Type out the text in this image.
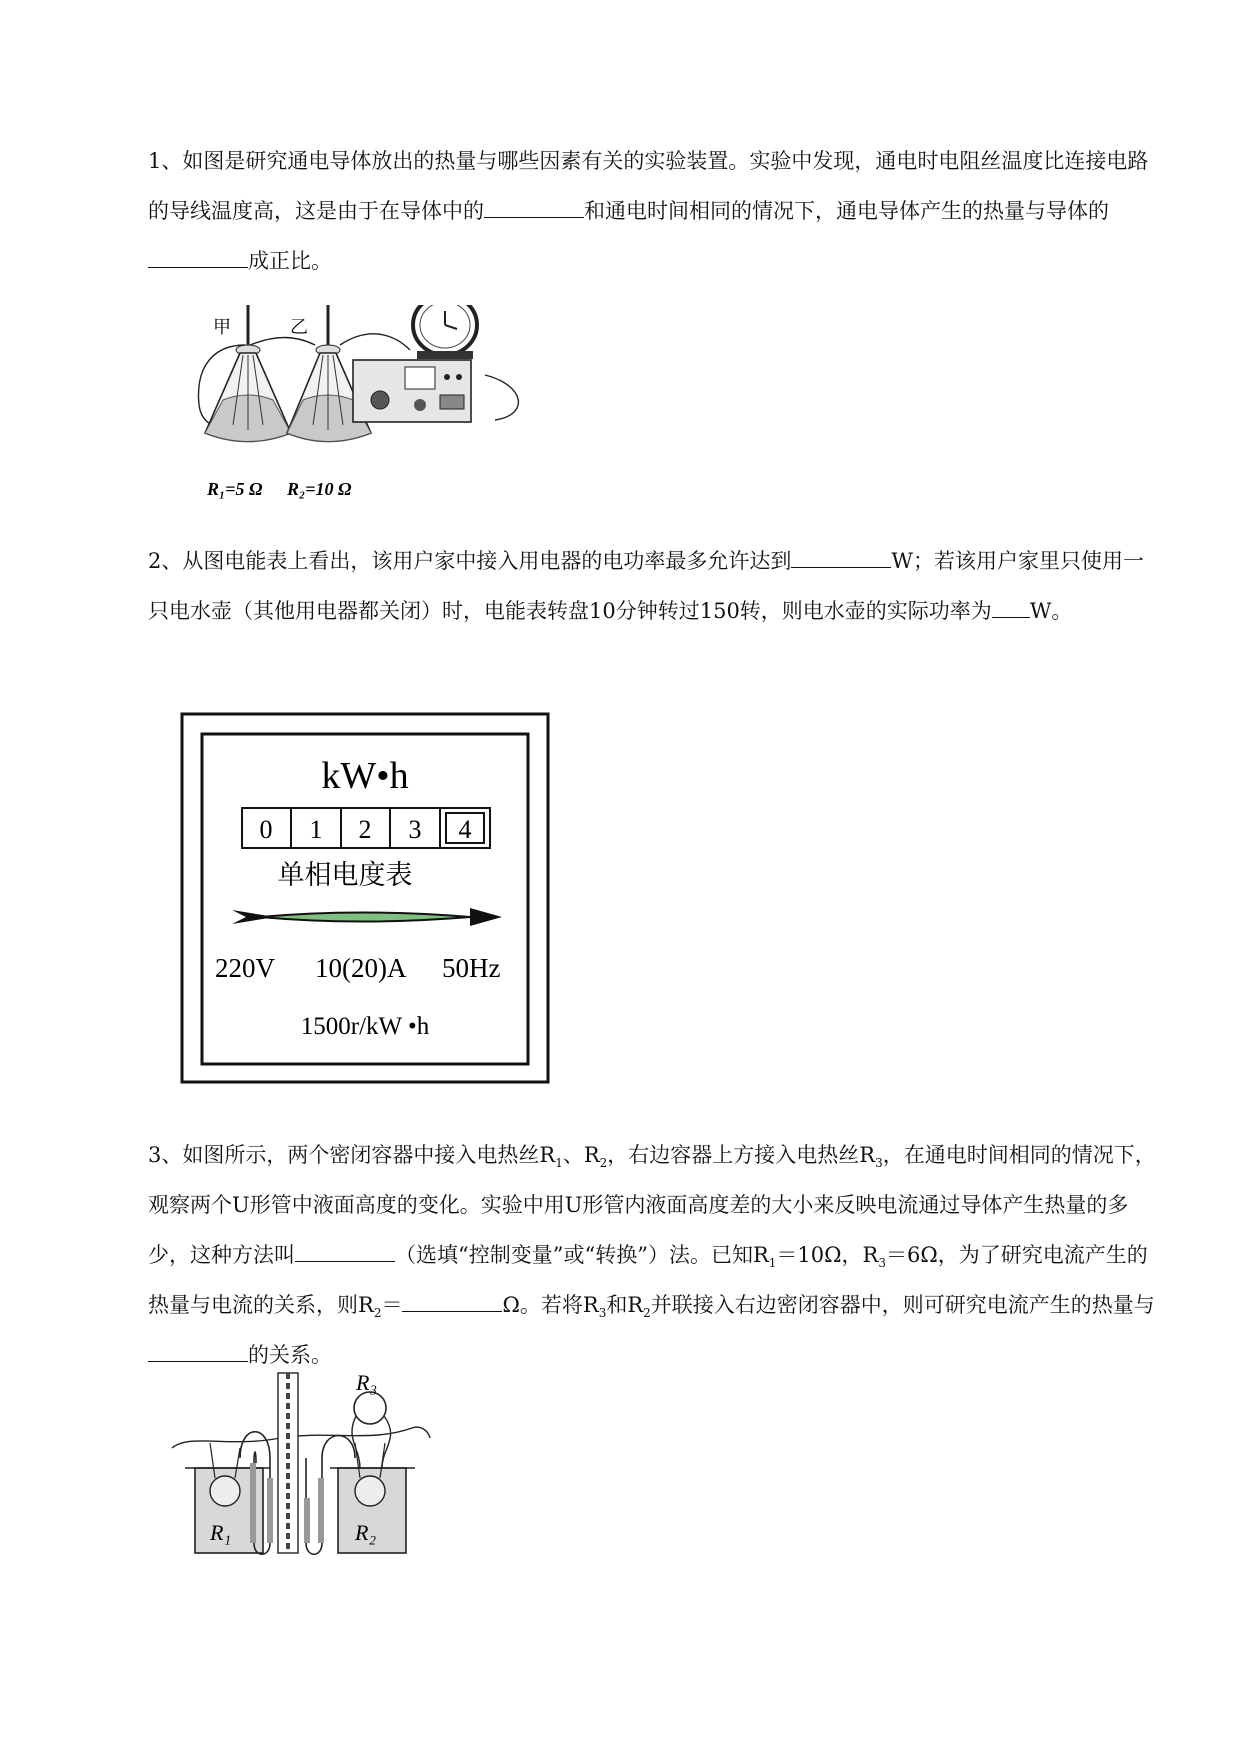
1、如图是研究通电导体放出的热量与哪些因素有关的实验装置。实验中发现，通电时电阻丝温度比连接电路的导线温度高，这是由于在导体中的	和通电时间相同的情况下，通电导体产生的热量与导体的成正比。
甲	乙
R₁=5 Ω R₂=10 Ω
2、从图电能表上看出，该用户家中接入用电器的电功率最多允许达到	W；若该用户家里只使用一只电水壶（其他用电器都关闭）时，电能表转盘10分钟转过150转，则电水壶的实际功率为 W。
kW•h
0 1 2 3 4
单相电度表
220V 10(20)A 50Hz
1500r/kW •h
3、如图所示，两个密闭容器中接入电热丝$R_1$、$R_2$，右边容器上方接入电热丝$R_3$，在通电时间相同的情况下，观察两个U形管中液面高度的变化。实验中用U形管内液面高度差的大小来反映电流通过导体产生热量的多少，这种方法叫	（选填“控制变量”或“转换”）法。已知$R_1=10\Omega$，$R_3=6\Omega$，为了研究电流产生的热量与电流的关系，则$R_2=$	Ω。若将$R_3$和$R_2$并联接入右边密闭容器中，则可研究电流产生的热量与的关系。
R₃
R₁	R₂
